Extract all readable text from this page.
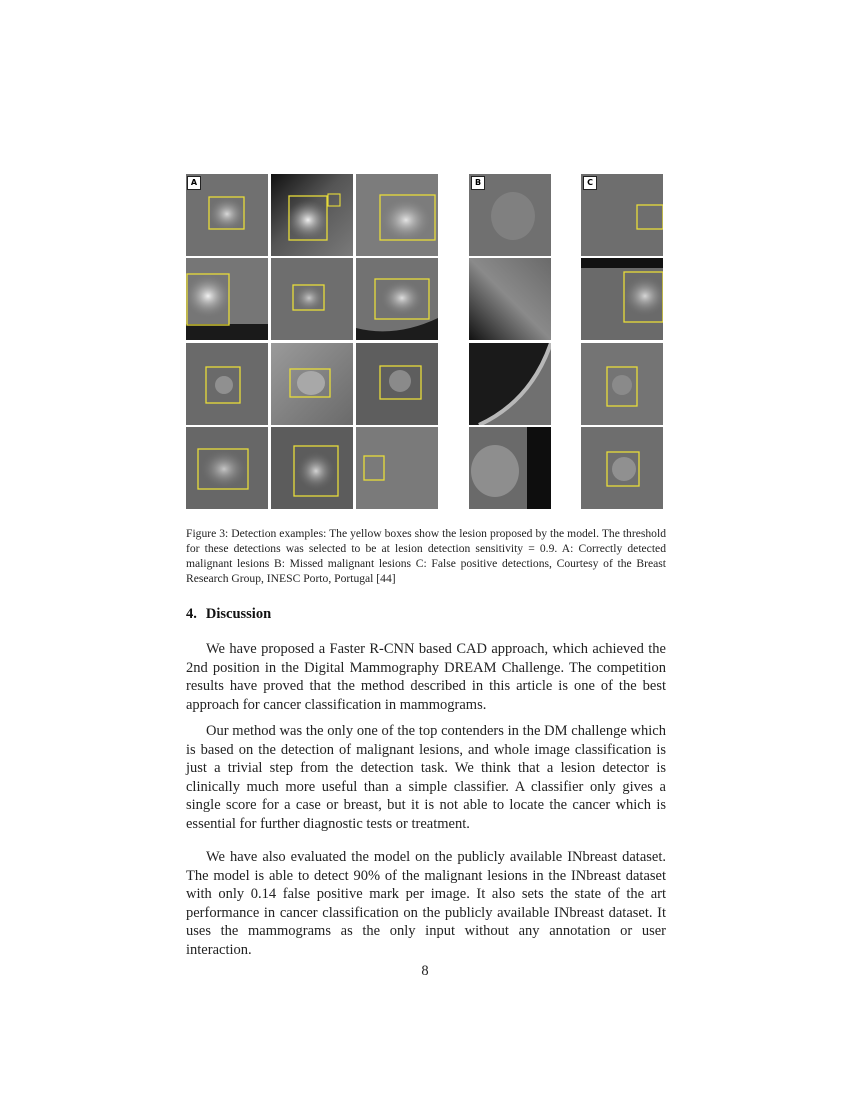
A	B	C

Figure 3: Detection examples: The yellow boxes show the lesion proposed by the model. The threshold for these detections was selected to be at lesion detection sensitivity = 0.9. A: Correctly detected malignant lesions B: Missed malignant lesions C: False positive detections, Courtesy of the Breast Research Group, INESC Porto, Portugal [44]

4. Discussion

We have proposed a Faster R-CNN based CAD approach, which achieved the 2nd position in the Digital Mammography DREAM Challenge. The competition results have proved that the method described in this article is one of the best approach for cancer classification in mammograms.

Our method was the only one of the top contenders in the DM challenge which is based on the detection of malignant lesions, and whole image classification is just a trivial step from the detection task. We think that a lesion detector is clinically much more useful than a simple classifier. A classifier only gives a single score for a case or breast, but it is not able to locate the cancer which is essential for further diagnostic tests or treatment.

We have also evaluated the model on the publicly available INbreast dataset. The model is able to detect 90% of the malignant lesions in the INbreast dataset with only 0.14 false positive mark per image. It also sets the state of the art performance in cancer classification on the publicly available INbreast dataset. It uses the mammograms as the only input without any annotation or user interaction.

8
